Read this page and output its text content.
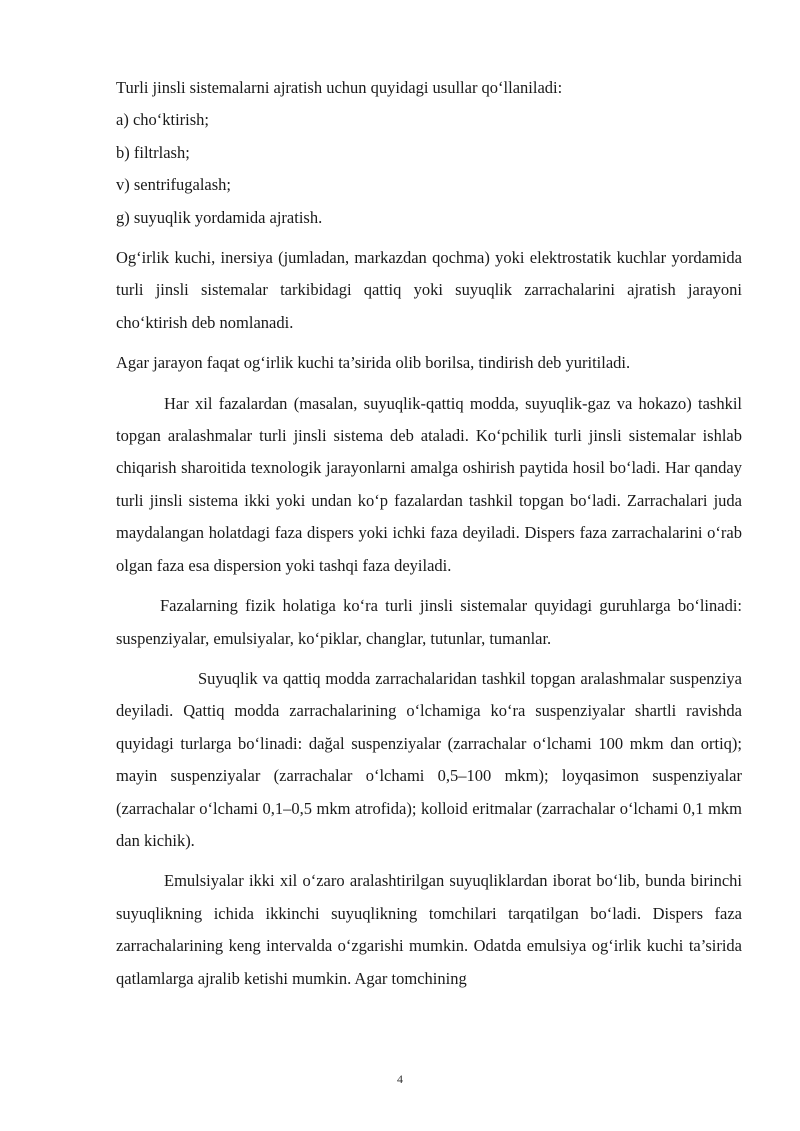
Turli jinsli sistemalarni ajratish uchun quyidagi usullar qo‘llaniladi:

a) cho‘ktirish;

b) filtrlash;

v) sentrifugalash;

g) suyuqlik yordamida ajratish.

Og‘irlik kuchi, inersiya (jumladan, markazdan qochma) yoki elektrostatik kuchlar yordamida turli jinsli sistemalar tarkibidagi qattiq yoki suyuqlik zarrachalarini ajratish jarayoni cho‘ktirish deb nomlanadi.

Agar jarayon faqat og‘irlik kuchi ta’sirida olib borilsa, tindirish deb yuritiladi.

Har xil fazalardan (masalan, suyuqlik-qattiq modda, suyuqlik-gaz va hokazo) tashkil topgan aralashmalar turli jinsli sistema deb ataladi. Ko‘pchilik turli jinsli sistemalar ishlab chiqarish sharoitida texnologik jarayonlarni amalga oshirish paytida hosil bo‘ladi. Har qanday turli jinsli sistema ikki yoki undan ko‘p fazalardan tashkil topgan bo‘ladi. Zarrachalari juda maydalangan holatdagi faza dispers yoki ichki faza deyiladi. Dispers faza zarrachalarini o‘rab olgan faza esa dispersion yoki tashqi faza deyiladi.

Fazalarning fizik holatiga ko‘ra turli jinsli sistemalar quyidagi guruhlarga bo‘linadi: suspenziyalar, emulsiyalar, ko‘piklar, changlar, tutunlar, tumanlar.

Suyuqlik va qattiq modda zarrachalaridan tashkil topgan aralashmalar suspenziya deyiladi. Qattiq modda zarrachalarining o‘lchamiga ko‘ra suspenziyalar shartli ravishda quyidagi turlarga bo‘linadi: dağal suspenziyalar (zarrachalar o‘lchami 100 mkm dan ortiq); mayin suspenziyalar (zarrachalar o‘lchami 0,5–100 mkm); loyqasimon suspenziyalar (zarrachalar o‘lchami 0,1–0,5 mkm atrofida); kolloid eritmalar (zarrachalar o‘lchami 0,1 mkm dan kichik).

Emulsiyalar ikki xil o‘zaro aralashtirilgan suyuqliklardan iborat bo‘lib, bunda birinchi suyuqlikning ichida ikkinchi suyuqlikning tomchilari tarqatilgan bo‘ladi. Dispers faza zarrachalarining keng intervalda o‘zgarishi mumkin. Odatda emulsiya og‘irlik kuchi ta’sirida qatlamlarga ajralib ketishi mumkin. Agar tomchining

4
